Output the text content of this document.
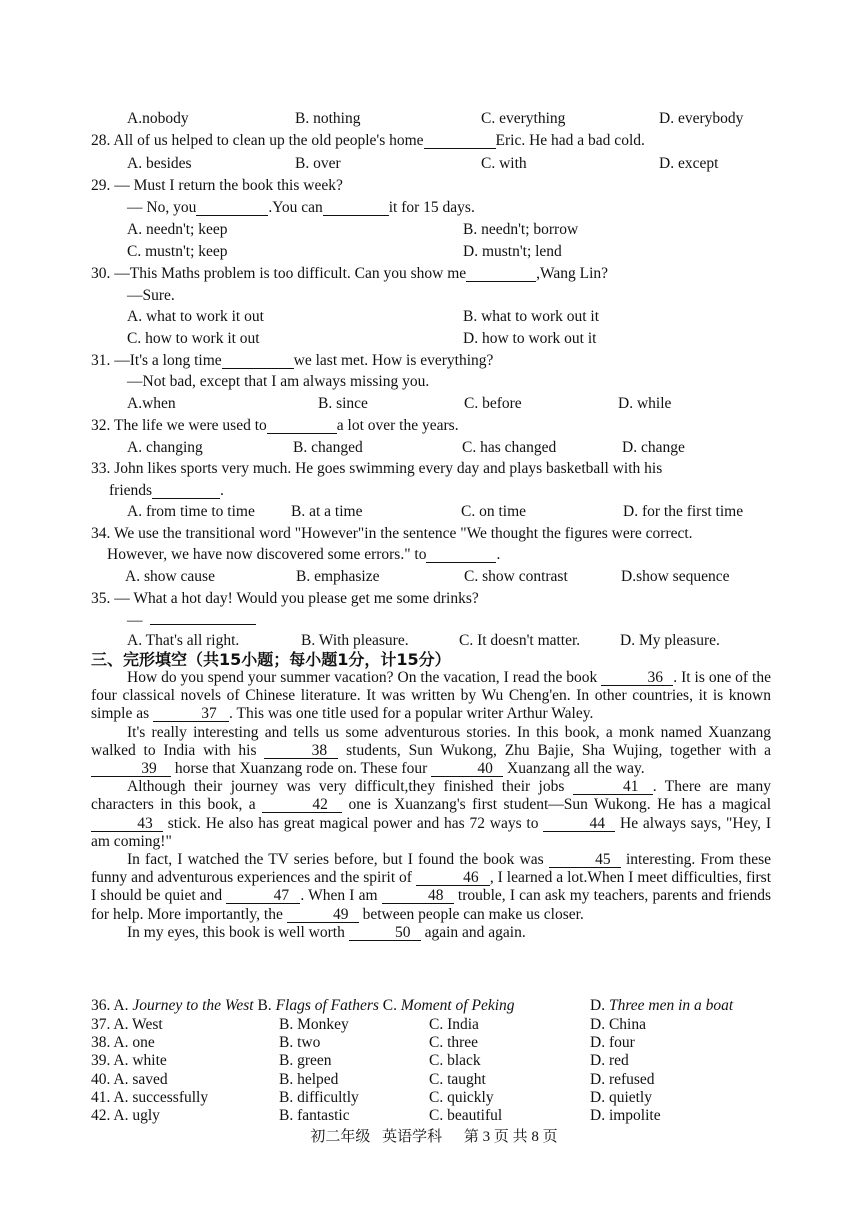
A.nobody	B. nothing	C. everything	D. everybody
28. All of us helped to clean up the old people's home	Eric. He had a bad cold.
A. besides	B. over	C. with	D. except
29. — Must I return the book this week?
— No, you	.You can	it for 15 days.
A. needn't; keep	B. needn't; borrow
C. mustn't; keep	D. mustn't; lend
30. —This Maths problem is too difficult. Can you show me	,Wang Lin?
—Sure.
A. what to work it out	B. what to work out it
C. how to work it out	D. how to work out it
31. —It's a long time	we last met. How is everything?
—Not bad, except that I am always missing you.
A.when	B. since	C. before	D. while
32. The life we were used to	a lot over the years.
A. changing	B. changed	C. has changed	D. change
33. John likes sports very much. He goes swimming every day and plays basketball with his
friends	.
A. from time to time	B. at a time	C. on time	D. for the first time
34. We use the transitional word "However"in the sentence "We thought the figures were correct.
However, we have now discovered some errors." to	.
A. show cause	B. emphasize	C. show contrast	D.show sequence
35. — What a hot day! Would you please get me some drinks?
—
A. That's all right.	B. With pleasure.	C. It doesn't matter.	D. My pleasure.
三、完形填空（共15小题；每小题1分，计15分）

How do you spend your summer vacation? On the vacation, I read the book	36 . It is one of the four classical novels of Chinese literature. It was written by Wu Cheng'en. In other countries, it is known simple as	37 . This was one title used for a popular writer Arthur Waley.

It's really interesting and tells us some adventurous stories. In this book, a monk named Xuanzang walked to India with his	38 students, Sun Wukong, Zhu Bajie, Sha Wujing, together with a 39 horse that Xuanzang rode on. These four	40 Xuanzang all the way.

Although their journey was very difficult,they finished their jobs	41 . There are many characters in this book, a	42 one is Xuanzang's first student—Sun Wukong. He has a magical 43 stick. He also has great magical power and has 72 ways to	44 He always says, "Hey, I am coming!"

In fact, I watched the TV series before, but I found the book was	45 interesting. From these funny and adventurous experiences and the spirit of	46 , I learned a lot.When I meet difficulties, first I should be quiet and	47 . When I am	48 trouble, I can ask my teachers, parents and friends for help. More importantly, the	49 between people can make us closer.

In my eyes, this book is well worth	50 again and again.

36. A. Journey to the West B. Flags of Fathers C. Moment of Peking	D. Three men in a boat
37. A. West	B. Monkey	C. India	D. China
38. A. one	B. two	C. three	D. four
39. A. white	B. green	C. black	D. red
40. A. saved	B. helped	C. taught	D. refused
41. A. successfully	B. difficultly	C. quickly	D. quietly
42. A. ugly	B. fantastic	C. beautiful	D. impolite
初二年级 英语学科 第 3 页 共 8 页
